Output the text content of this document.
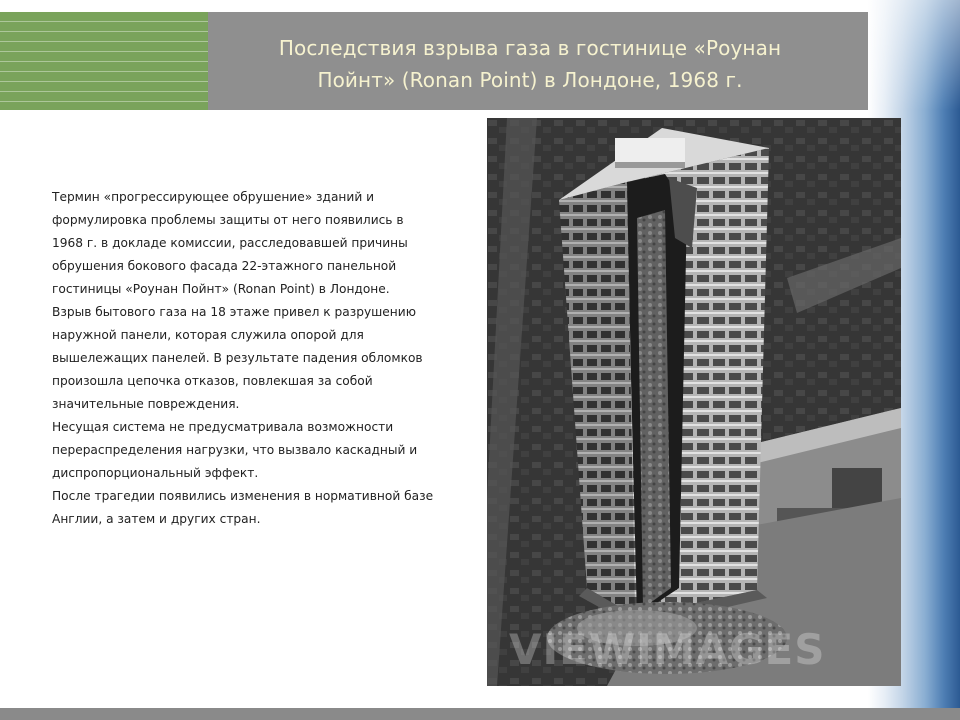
Последствия взрыва газа в гостинице «Роунан
Пойнт» (Ronan Point) в Лондоне, 1968 г.

Термин «прогрессирующее обрушение» зданий и формулировка проблемы защиты от него появились в 1968 г. в докладе комиссии, расследовавшей причины обрушения бокового фасада 22-этажного панельной гостиницы «Роунан Пойнт» (Ronan Point) в Лондоне.

Взрыв бытового газа на 18 этаже привел к разрушению наружной панели, которая служила опорой для вышележащих панелей. В результате падения обломков произошла цепочка отказов, повлекшая за собой значительные повреждения.

Несущая система не предусматривала возможности перераспределения нагрузки, что вызвало каскадный и диспропорциональный эффект.

После трагедии появились изменения в нормативной базе Англии, а затем и других стран.

VIEWIMAGES
